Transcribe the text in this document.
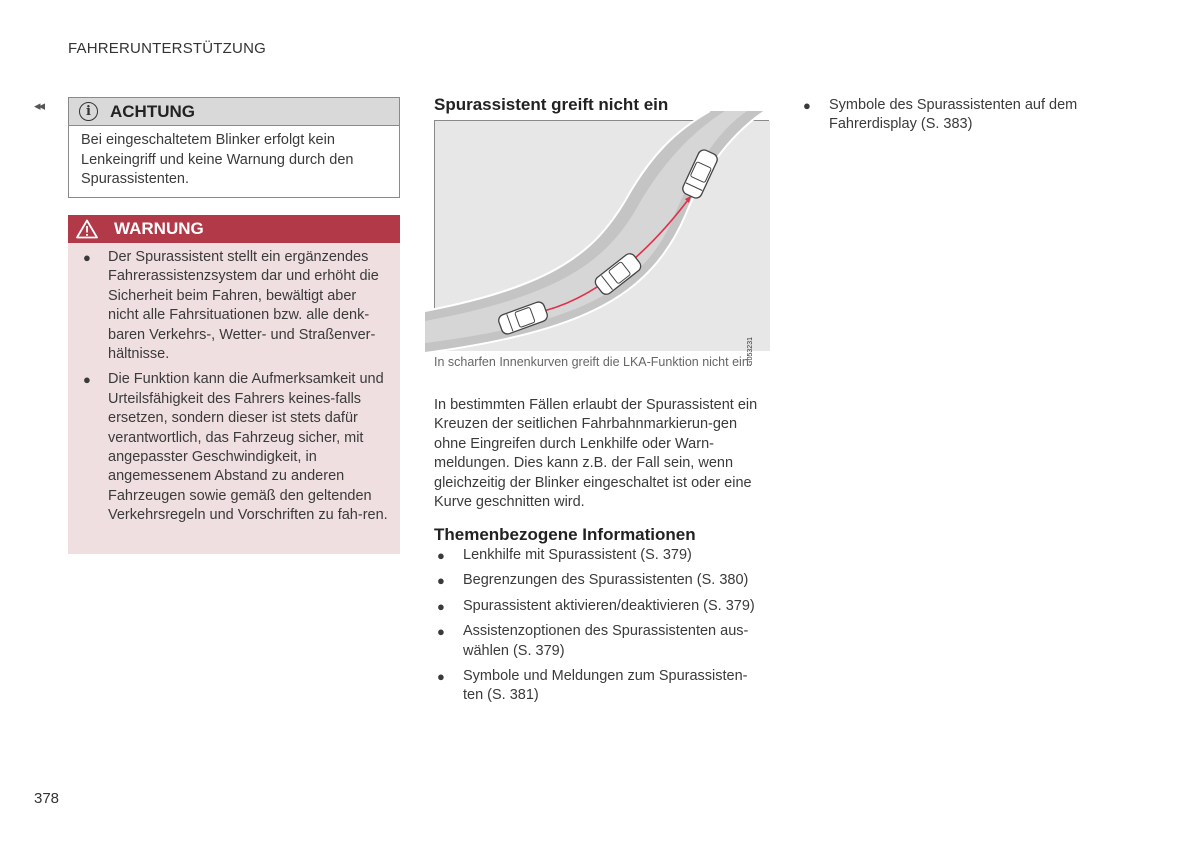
FAHRERUNTERSTÜTZUNG
◂◂	i	ACHTUNG
Bei eingeschaltetem Blinker erfolgt kein Lenkeingriff und keine Warnung durch den Spurassistenten.
WARNUNG
● Der Spurassistent stellt ein ergänzendes Fahrerassistenzsystem dar und erhöht die Sicherheit beim Fahren, bewältigt aber nicht alle Fahrsituationen bzw. alle denk-baren Verkehrs-, Wetter- und Straßenver-hältnisse.
● Die Funktion kann die Aufmerksamkeit und Urteilsfähigkeit des Fahrers keines-falls ersetzen, sondern dieser ist stets dafür verantwortlich, das Fahrzeug sicher, mit angepasster Geschwindigkeit, in angemessenem Abstand zu anderen Fahrzeugen sowie gemäß den geltenden Verkehrsregeln und Vorschriften zu fah-ren.
Spurassistent greift nicht ein
G053231
In scharfen Innenkurven greift die LKA-Funktion nicht ein.
In bestimmten Fällen erlaubt der Spurassistent ein Kreuzen der seitlichen Fahrbahnmarkierun-gen ohne Eingreifen durch Lenkhilfe oder Warn-meldungen. Dies kann z.B. der Fall sein, wenn gleichzeitig der Blinker eingeschaltet ist oder eine Kurve geschnitten wird.
Themenbezogene Informationen
● Lenkhilfe mit Spurassistent (S. 379)
● Begrenzungen des Spurassistenten (S. 380)
● Spurassistent aktivieren/deaktivieren (S. 379)
● Assistenzoptionen des Spurassistenten aus-wählen (S. 379)
● Symbole und Meldungen zum Spurassisten-ten (S. 381)
● Symbole des Spurassistenten auf dem Fahrerdisplay (S. 383)
378
